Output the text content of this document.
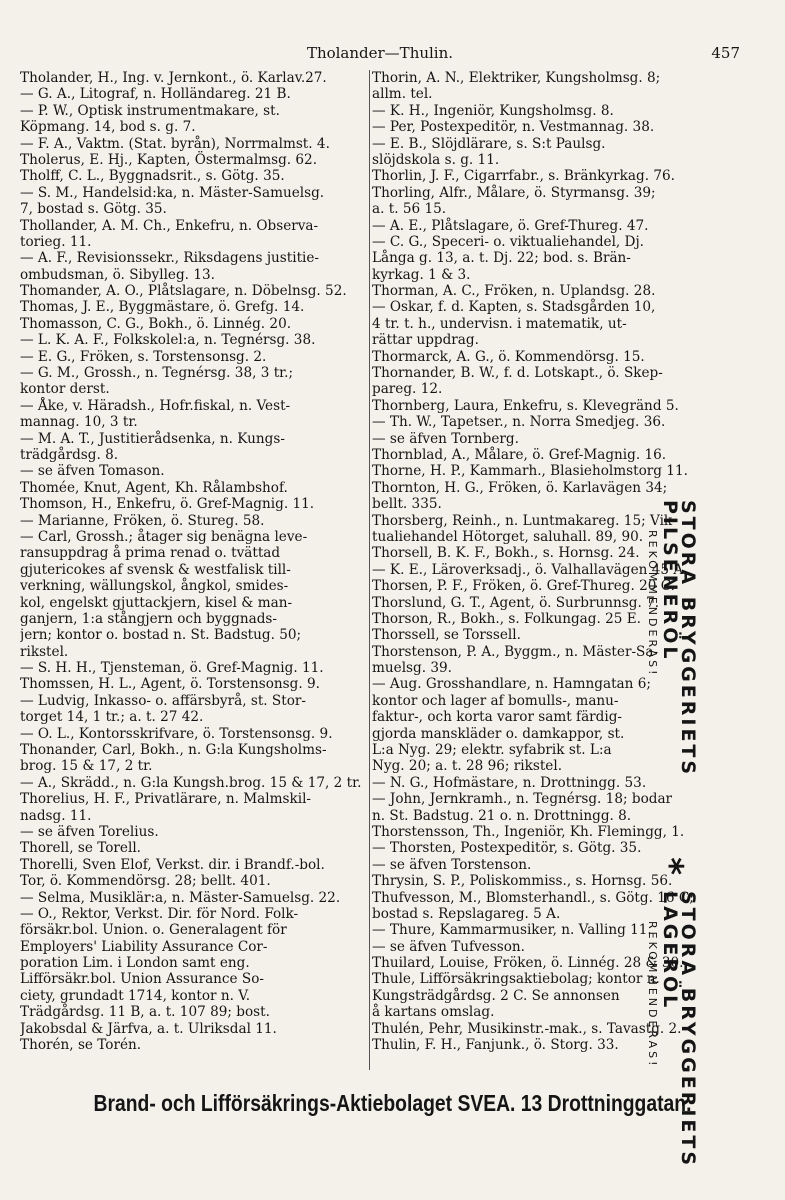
Tholander—Thulin.	457
Tholander, H., Ing. v. Jernkont., ö. Karlav.27.
— G. A., Litograf, n. Holländareg. 21 B.
— P. W., Optisk instrumentmakare, st.
Köpmang. 14, bod s. g. 7.
— F. A., Vaktm. (Stat. byrån), Norrmalmst. 4.
Tholerus, E. Hj., Kapten, Östermalmsg. 62.
Tholff, C. L., Byggnadsrit., s. Götg. 35.
— S. M., Handelsid:ka, n. Mäster-Samuelsg.
7, bostad s. Götg. 35.
Thollander, A. M. Ch., Enkefru, n. Observa-
torieg. 11.
— A. F., Revisionssekr., Riksdagens justitie-
ombudsman, ö. Sibylleg. 13.
Thomander, A. O., Plåtslagare, n. Döbelnsg. 52.
Thomas, J. E., Byggmästare, ö. Grefg. 14.
Thomasson, C. G., Bokh., ö. Linnég. 20.
— L. K. A. F., Folkskolel:a, n. Tegnérsg. 38.
— E. G., Fröken, s. Torstensonsg. 2.
— G. M., Grossh., n. Tegnérsg. 38, 3 tr.;
kontor derst.
— Åke, v. Häradsh., Hofr.fiskal, n. Vest-
mannag. 10, 3 tr.
— M. A. T., Justitierådsenka, n. Kungs-
trädgårdsg. 8.
— se äfven Tomason.
Thomée, Knut, Agent, Kh. Rålambshof.
Thomson, H., Enkefru, ö. Gref-Magnig. 11.
— Marianne, Fröken, ö. Stureg. 58.
— Carl, Grossh.; åtager sig benägna leve-
ransuppdrag å prima renad o. tvättad
gjutericokes af svensk & westfalisk till-
verkning, wällungskol, ångkol, smides-
kol, engelskt gjuttackjern, kisel & man-
ganjern, 1:a stångjern och byggnads-
jern; kontor o. bostad n. St. Badstug. 50;
rikstel.
— S. H. H., Tjensteman, ö. Gref-Magnig. 11.
Thomssen, H. L., Agent, ö. Torstensonsg. 9.
— Ludvig, Inkasso- o. affärsbyrå, st. Stor-
torget 14, 1 tr.; a. t. 27 42.
— O. L., Kontorsskrifvare, ö. Torstensonsg. 9.
Thonander, Carl, Bokh., n. G:la Kungsholms-
brog. 15 & 17, 2 tr.
— A., Skrädd., n. G:la Kungsh.brog. 15 & 17, 2 tr.
Thorelius, H. F., Privatlärare, n. Malmskil-
nadsg. 11.
— se äfven Torelius.
Thorell, se Torell.
Thorelli, Sven Elof, Verkst. dir. i Brandf.-bol.
Tor, ö. Kommendörsg. 28; bellt. 401.
— Selma, Musiklär:a, n. Mäster-Samuelsg. 22.
— O., Rektor, Verkst. Dir. för Nord. Folk-
försäkr.bol. Union. o. Generalagent för
Employers' Liability Assurance Cor-
poration Lim. i London samt eng.
Lifförsäkr.bol. Union Assurance So-
ciety, grundadt 1714, kontor n. V.
Trädgårdsg. 11 B, a. t. 107 89; bost.
Jakobsdal & Järfva, a. t. Ulriksdal 11.
Thorén, se Torén.
Thorin, A. N., Elektriker, Kungsholmsg. 8;
allm. tel.
— K. H., Ingeniör, Kungsholmsg. 8.
— Per, Postexpeditör, n. Vestmannag. 38.
— E. B., Slöjdlärare, s. S:t Paulsg.
slöjdskola s. g. 11.
Thorlin, J. F., Cigarrfabr., s. Bränkyrkag. 76.
Thorling, Alfr., Målare, ö. Styrmansg. 39;
a. t. 56 15.
— A. E., Plåtslagare, ö. Gref-Thureg. 47.
— C. G., Speceri- o. viktualiehandel, Dj.
Långa g. 13, a. t. Dj. 22; bod. s. Brän-
kyrkag. 1 & 3.
Thorman, A. C., Fröken, n. Uplandsg. 28.
— Oskar, f. d. Kapten, s. Stadsgården 10,
4 tr. t. h., undervisn. i matematik, ut-
rättar uppdrag.
Thormarck, A. G., ö. Kommendörsg. 15.
Thornander, B. W., f. d. Lotskapt., ö. Skep-
pareg. 12.
Thornberg, Laura, Enkefru, s. Klevegränd 5.
— Th. W., Tapetser., n. Norra Smedjeg. 36.
— se äfven Tornberg.
Thornblad, A., Målare, ö. Gref-Magnig. 16.
Thorne, H. P., Kammarh., Blasieholmstorg 11.
Thornton, H. G., Fröken, ö. Karlavägen 34;
bellt. 335.
Thorsberg, Reinh., n. Luntmakareg. 15; Vik-
tualiehandel Hötorget, saluhall. 89, 90.
Thorsell, B. K. F., Bokh., s. Hornsg. 24.
— K. E., Läroverksadj., ö. Valhallavägen 45 A.
Thorsen, P. F., Fröken, ö. Gref-Thureg. 20 C.
Thorslund, G. T., Agent, ö. Surbrunnsg. 7.
Thorson, R., Bokh., s. Folkungag. 25 E.
Thorssell, se Torssell.
Thorstenson, P. A., Byggm., n. Mäster-Sa-
muelsg. 39.
— Aug. Grosshandlare, n. Hamngatan 6;
kontor och lager af bomulls-, manu-
faktur-, och korta varor samt färdig-
gjorda manskläder o. damkappor, st.
L:a Nyg. 29; elektr. syfabrik st. L:a
Nyg. 20; a. t. 28 96; rikstel.
— N. G., Hofmästare, n. Drottningg. 53.
— John, Jernkramh., n. Tegnérsg. 18; bodar
n. St. Badstug. 21 o. n. Drottningg. 8.
Thorstensson, Th., Ingeniör, Kh. Flemingg, 1.
— Thorsten, Postexpeditör, s. Götg. 35.
— se äfven Torstenson.
Thrysin, S. P., Poliskommiss., s. Hornsg. 56.
Thufvesson, M., Blomsterhandl., s. Götg. 16 C;
bostad s. Repslagareg. 5 A.
— Thure, Kammarmusiker, n. Valling 11.
— se äfven Tufvesson.
Thuilard, Louise, Fröken, ö. Linnég. 28 & 30.
Thule, Lifförsäkringsaktiebolag; kontor n.
Kungsträdgårdsg. 2 C. Se annonsen
å kartans omslag.
Thulén, Pehr, Musikinstr.-mak., s. Tavastg. 2.
Thulin, F. H., Fanjunk., ö. Storg. 33.
STORA BRYGGERIETS PILSENERÖL
REKOMMENDERAS!
*
STORA BRYGGERIETS LAGERÖL
REKOMMENDERAS!
Brand- och Lifförsäkrings-Aktiebolaget SVEA. 13 Drottninggatan.
